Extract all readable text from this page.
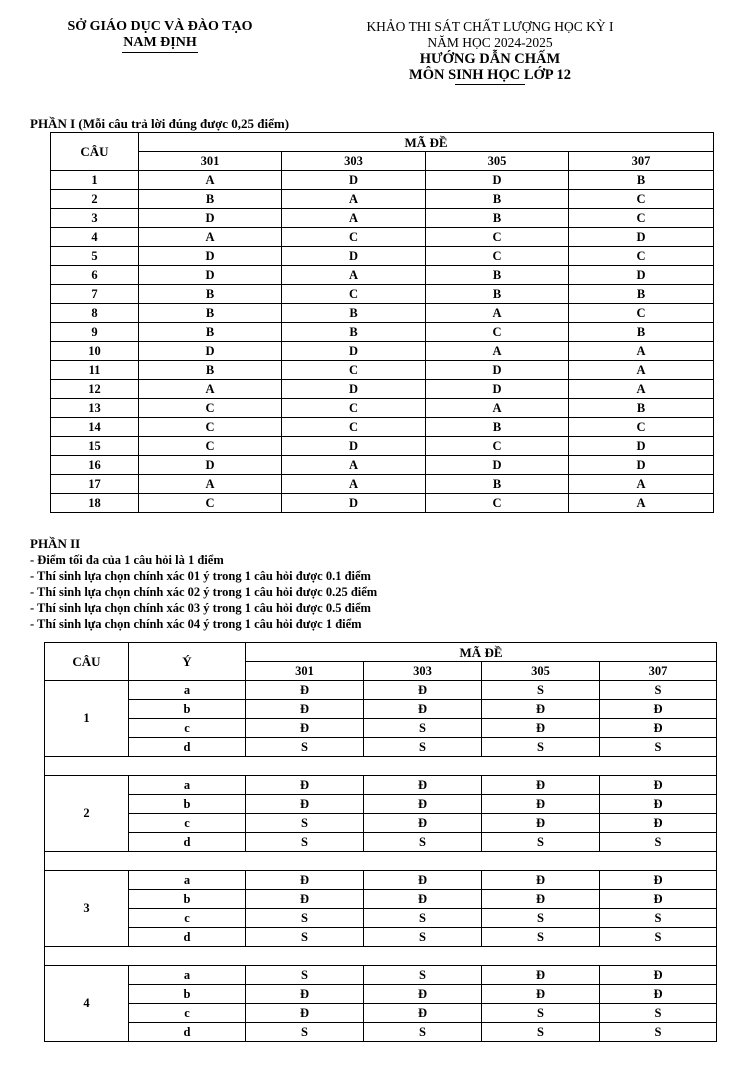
SỞ GIÁO DỤC VÀ ĐÀO TẠO
NAM ĐỊNH
KHẢO THI SÁT CHẤT LƯỢNG HỌC KỲ I
NĂM HỌC 2024-2025
HƯỚNG DẪN CHẤM
MÔN SINH HỌC LỚP 12
PHẦN I (Mỗi câu trả lời đúng được 0,25 điểm)
CÂU	MÃ ĐỀ			
	301	303	305	307
1	A	D	D	B
2	B	A	B	C
3	D	A	B	C
4	A	C	C	D
5	D	D	C	C
6	D	A	B	D
7	B	C	B	B
8	B	B	A	C
9	B	B	C	B
10	D	D	A	A
11	B	C	D	A
12	A	D	D	A
13	C	C	A	B
14	C	C	B	C
15	C	D	C	D
16	D	A	D	D
17	A	A	B	A
18	C	D	C	A
PHẦN II
- Điểm tối đa của 1 câu hỏi là 1 điểm
- Thí sinh lựa chọn chính xác 01 ý trong 1 câu hỏi được 0.1 điểm
- Thí sinh lựa chọn chính xác 02 ý trong 1 câu hỏi được 0.25 điểm
- Thí sinh lựa chọn chính xác 03 ý trong 1 câu hỏi được 0.5 điểm
- Thí sinh lựa chọn chính xác 04 ý trong 1 câu hỏi được 1 điểm
CÂU	Ý	MÃ ĐỀ			
		301	303	305	307
1	a	Đ	Đ	S	S
	b	Đ	Đ	Đ	Đ
	c	Đ	S	Đ	Đ
	d	S	S	S	S

2	a	Đ	Đ	Đ	Đ
	b	Đ	Đ	Đ	Đ
	c	S	Đ	Đ	Đ
	d	S	S	S	S

3	a	Đ	Đ	Đ	Đ
	b	Đ	Đ	Đ	Đ
	c	S	S	S	S
	d	S	S	S	S

4	a	S	S	Đ	Đ
	b	Đ	Đ	Đ	Đ
	c	Đ	Đ	S	S
	d	S	S	S	S
